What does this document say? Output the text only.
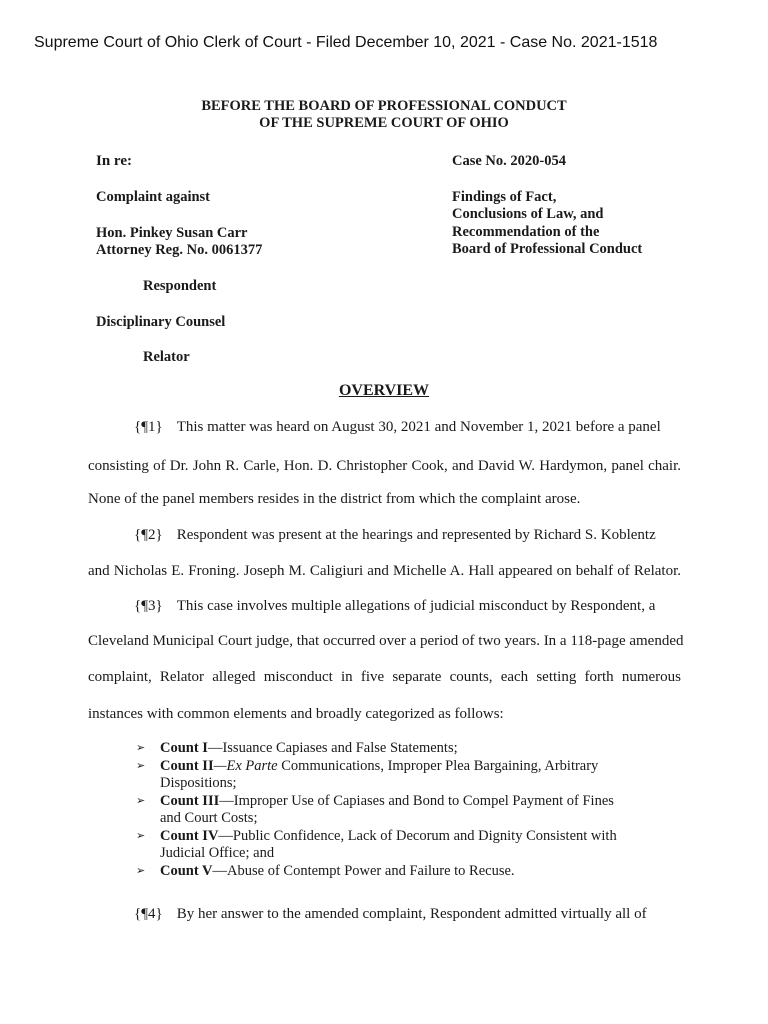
Supreme Court of Ohio Clerk of Court - Filed December 10, 2021 - Case No. 2021-1518
BEFORE THE BOARD OF PROFESSIONAL CONDUCT
OF THE SUPREME COURT OF OHIO
In re:
Complaint against
Hon. Pinkey Susan Carr
Attorney Reg. No. 0061377
Respondent
Disciplinary Counsel
Relator
Case No. 2020-054
Findings of Fact,
Conclusions of Law, and
Recommendation of the
Board of Professional Conduct
OVERVIEW
{¶1} This matter was heard on August 30, 2021 and November 1, 2021 before a panel
consisting of Dr. John R. Carle, Hon. D. Christopher Cook, and David W. Hardymon, panel chair.
None of the panel members resides in the district from which the complaint arose.
{¶2} Respondent was present at the hearings and represented by Richard S. Koblentz
and Nicholas E. Froning. Joseph M. Caligiuri and Michelle A. Hall appeared on behalf of Relator.
{¶3} This case involves multiple allegations of judicial misconduct by Respondent, a
Cleveland Municipal Court judge, that occurred over a period of two years. In a 118-page amended
complaint, Relator alleged misconduct in five separate counts, each setting forth numerous
instances with common elements and broadly categorized as follows:
➢ Count I—Issuance Capiases and False Statements;
➢ Count II—Ex Parte Communications, Improper Plea Bargaining, Arbitrary
Dispositions;
➢ Count III—Improper Use of Capiases and Bond to Compel Payment of Fines
and Court Costs;
➢ Count IV—Public Confidence, Lack of Decorum and Dignity Consistent with
Judicial Office; and
➢ Count V—Abuse of Contempt Power and Failure to Recuse.
{¶4} By her answer to the amended complaint, Respondent admitted virtually all of
